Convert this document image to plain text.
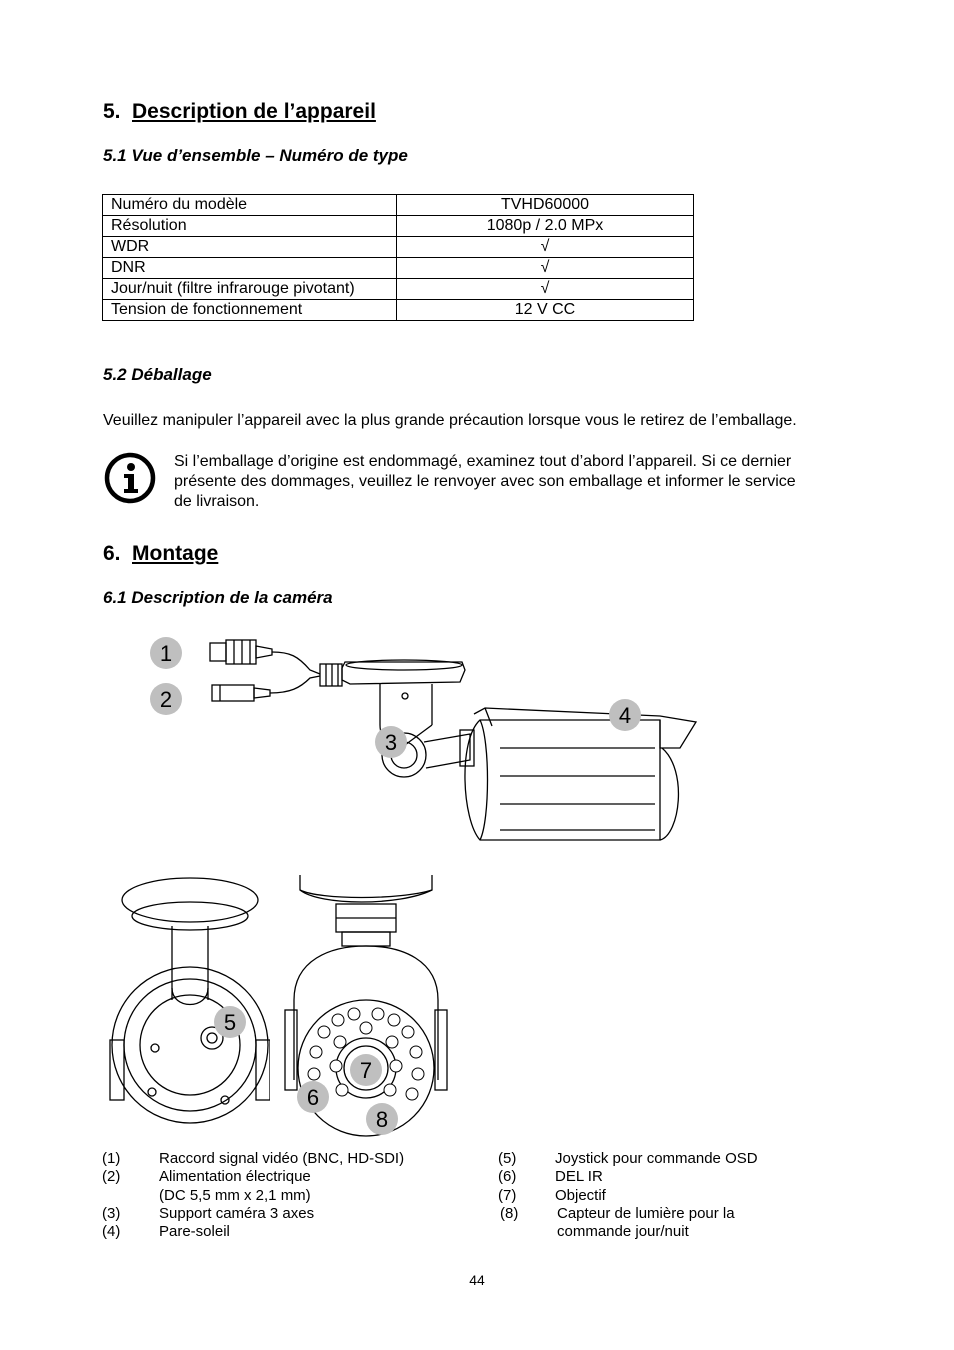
5. Description de l’appareil
5.1 Vue d’ensemble – Numéro de type
Numéro du modèle	TVHD60000
Résolution	1080p / 2.0 MPx
WDR	√
DNR	√
Jour/nuit (filtre infrarouge pivotant)	√
Tension de fonctionnement	12 V CC
5.2 Déballage
Veuillez manipuler l’appareil avec la plus grande précaution lorsque vous le retirez de l’emballage.
Si l’emballage d’origine est endommagé, examinez tout d’abord l’appareil. Si ce dernier
présente des dommages, veuillez le renvoyer avec son emballage et informer le service
de livraison.
6. Montage
6.1 Description de la caméra
1
2
3
4
5
7
6
8
(1)	Raccord signal vidéo (BNC, HD-SDI)
(2)	Alimentation électrique
(DC 5,5 mm x 2,1 mm)
(3)	Support caméra 3 axes
(4)	Pare-soleil
(5)	Joystick pour commande OSD
(6)	DEL IR
(7)	Objectif
(8)	Capteur de lumière pour la
commande jour/nuit
44
